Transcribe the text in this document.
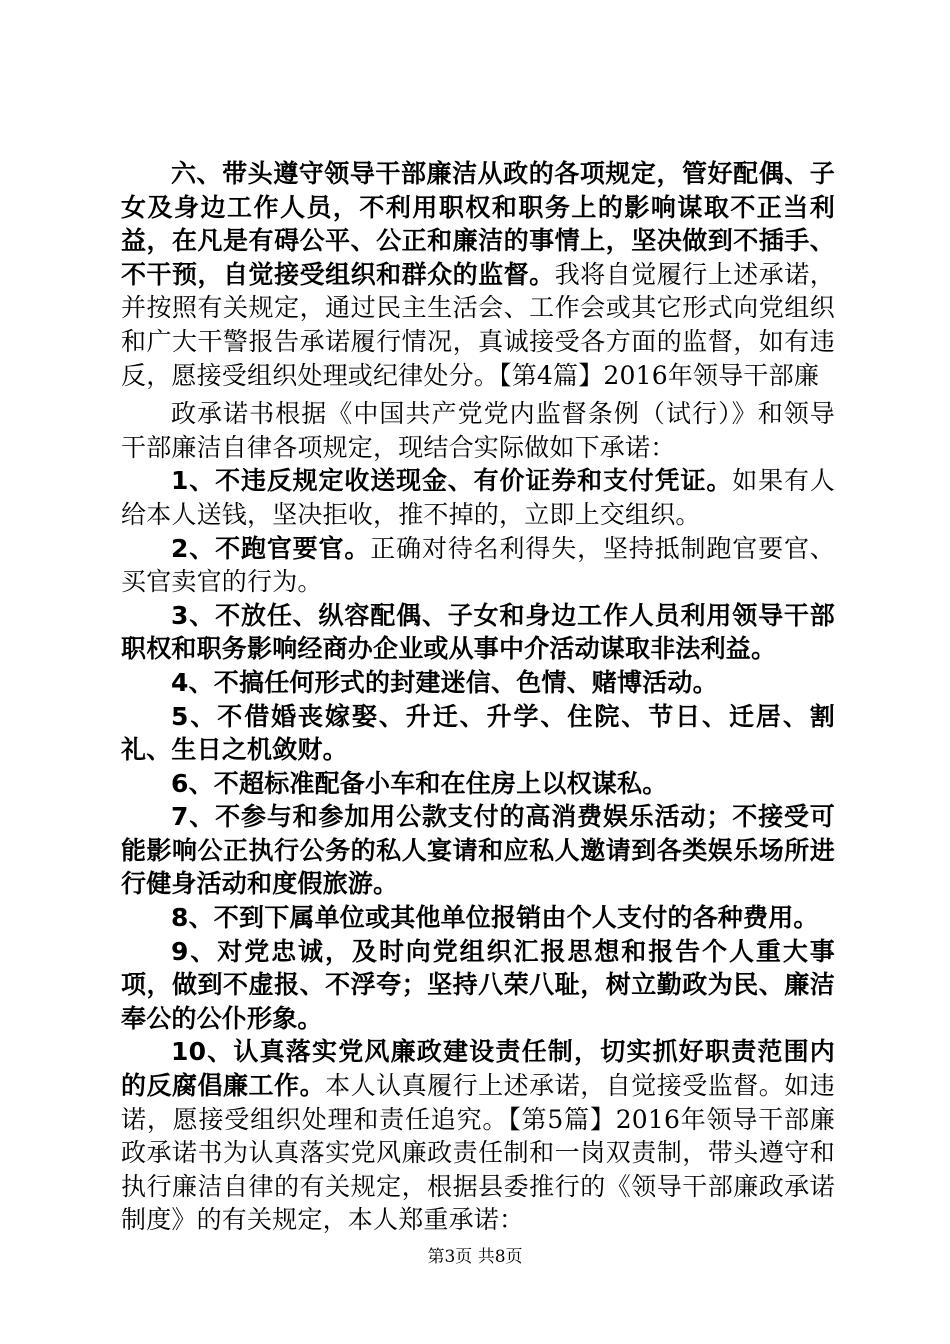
六、带头遵守领导干部廉洁从政的各项规定，管好配偶、子女及身边工作人员，不利用职权和职务上的影响谋取不正当利益，在凡是有碍公平、公正和廉洁的事情上，坚决做到不插手、不干预，自觉接受组织和群众的监督。我将自觉履行上述承诺，并按照有关规定，通过民主生活会、工作会或其它形式向党组织和广大干警报告承诺履行情况，真诚接受各方面的监督，如有违反，愿接受组织处理或纪律处分。【第4篇】2016年领导干部廉

政承诺书根据《中国共产党党内监督条例（试行）》和领导干部廉洁自律各项规定，现结合实际做如下承诺：

1、不违反规定收送现金、有价证券和支付凭证。如果有人给本人送钱，坚决拒收，推不掉的，立即上交组织。

2、不跑官要官。正确对待名利得失，坚持抵制跑官要官、买官卖官的行为。

3、不放任、纵容配偶、子女和身边工作人员利用领导干部职权和职务影响经商办企业或从事中介活动谋取非法利益。

4、不搞任何形式的封建迷信、色情、赌博活动。

5、不借婚丧嫁娶、升迁、升学、住院、节日、迁居、割礼、生日之机敛财。

6、不超标准配备小车和在住房上以权谋私。

7、不参与和参加用公款支付的高消费娱乐活动；不接受可能影响公正执行公务的私人宴请和应私人邀请到各类娱乐场所进行健身活动和度假旅游。

8、不到下属单位或其他单位报销由个人支付的各种费用。

9、对党忠诚，及时向党组织汇报思想和报告个人重大事项，做到不虚报、不浮夸；坚持八荣八耻，树立勤政为民、廉洁奉公的公仆形象。

10、认真落实党风廉政建设责任制，切实抓好职责范围内的反腐倡廉工作。本人认真履行上述承诺，自觉接受监督。如违诺，愿接受组织处理和责任追究。【第5篇】2016年领导干部廉政承诺书为认真落实党风廉政责任制和一岗双责制，带头遵守和执行廉洁自律的有关规定，根据县委推行的《领导干部廉政承诺制度》的有关规定，本人郑重承诺：

第3页 共8页
